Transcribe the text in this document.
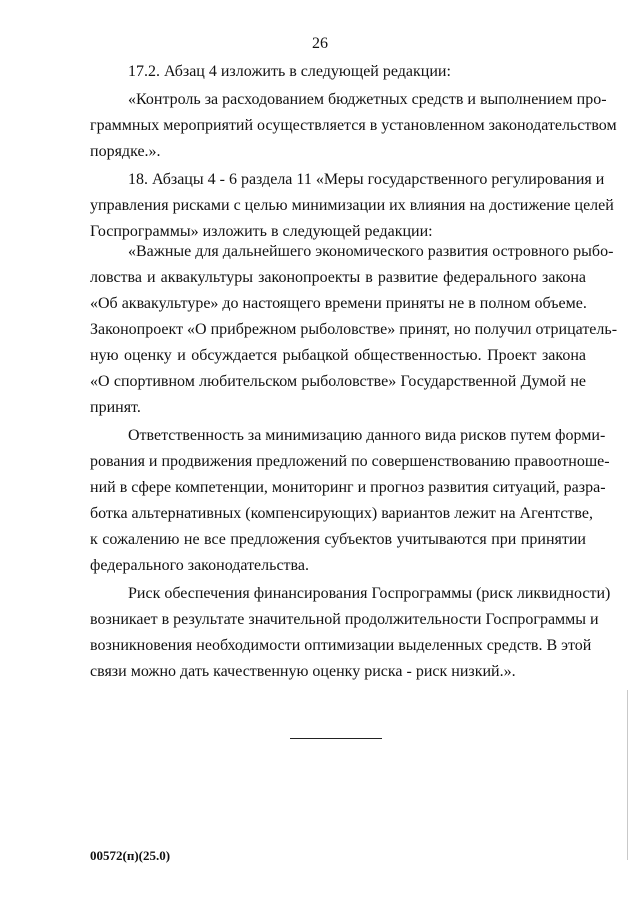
26
17.2. Абзац 4 изложить в следующей редакции:
«Контроль за расходованием бюджетных средств и выполнением про-
граммных мероприятий осуществляется в установленном законодательством
порядке.».
18. Абзацы 4 - 6 раздела 11 «Меры государственного регулирования и
управления рисками с целью минимизации их влияния на достижение целей
Госпрограммы» изложить в следующей редакции:
«Важные для дальнейшего экономического развития островного рыбо-
ловства и аквакультуры законопроекты в развитие федерального закона
«Об аквакультуре» до настоящего времени приняты не в полном объеме.
Законопроект «О прибрежном рыболовстве» принят, но получил отрицатель-
ную оценку и обсуждается рыбацкой общественностью. Проект закона
«О спортивном любительском рыболовстве» Государственной Думой не
принят.
Ответственность за минимизацию данного вида рисков путем форми-
рования и продвижения предложений по совершенствованию правоотноше-
ний в сфере компетенции, мониторинг и прогноз развития ситуаций, разра-
ботка альтернативных (компенсирующих) вариантов лежит на Агентстве,
к сожалению не все предложения субъектов учитываются при принятии
федерального законодательства.
Риск обеспечения финансирования Госпрограммы (риск ликвидности)
возникает в результате значительной продолжительности Госпрограммы и
возникновения необходимости оптимизации выделенных средств. В этой
связи можно дать качественную оценку риска - риск низкий.».
00572(п)(25.0)
